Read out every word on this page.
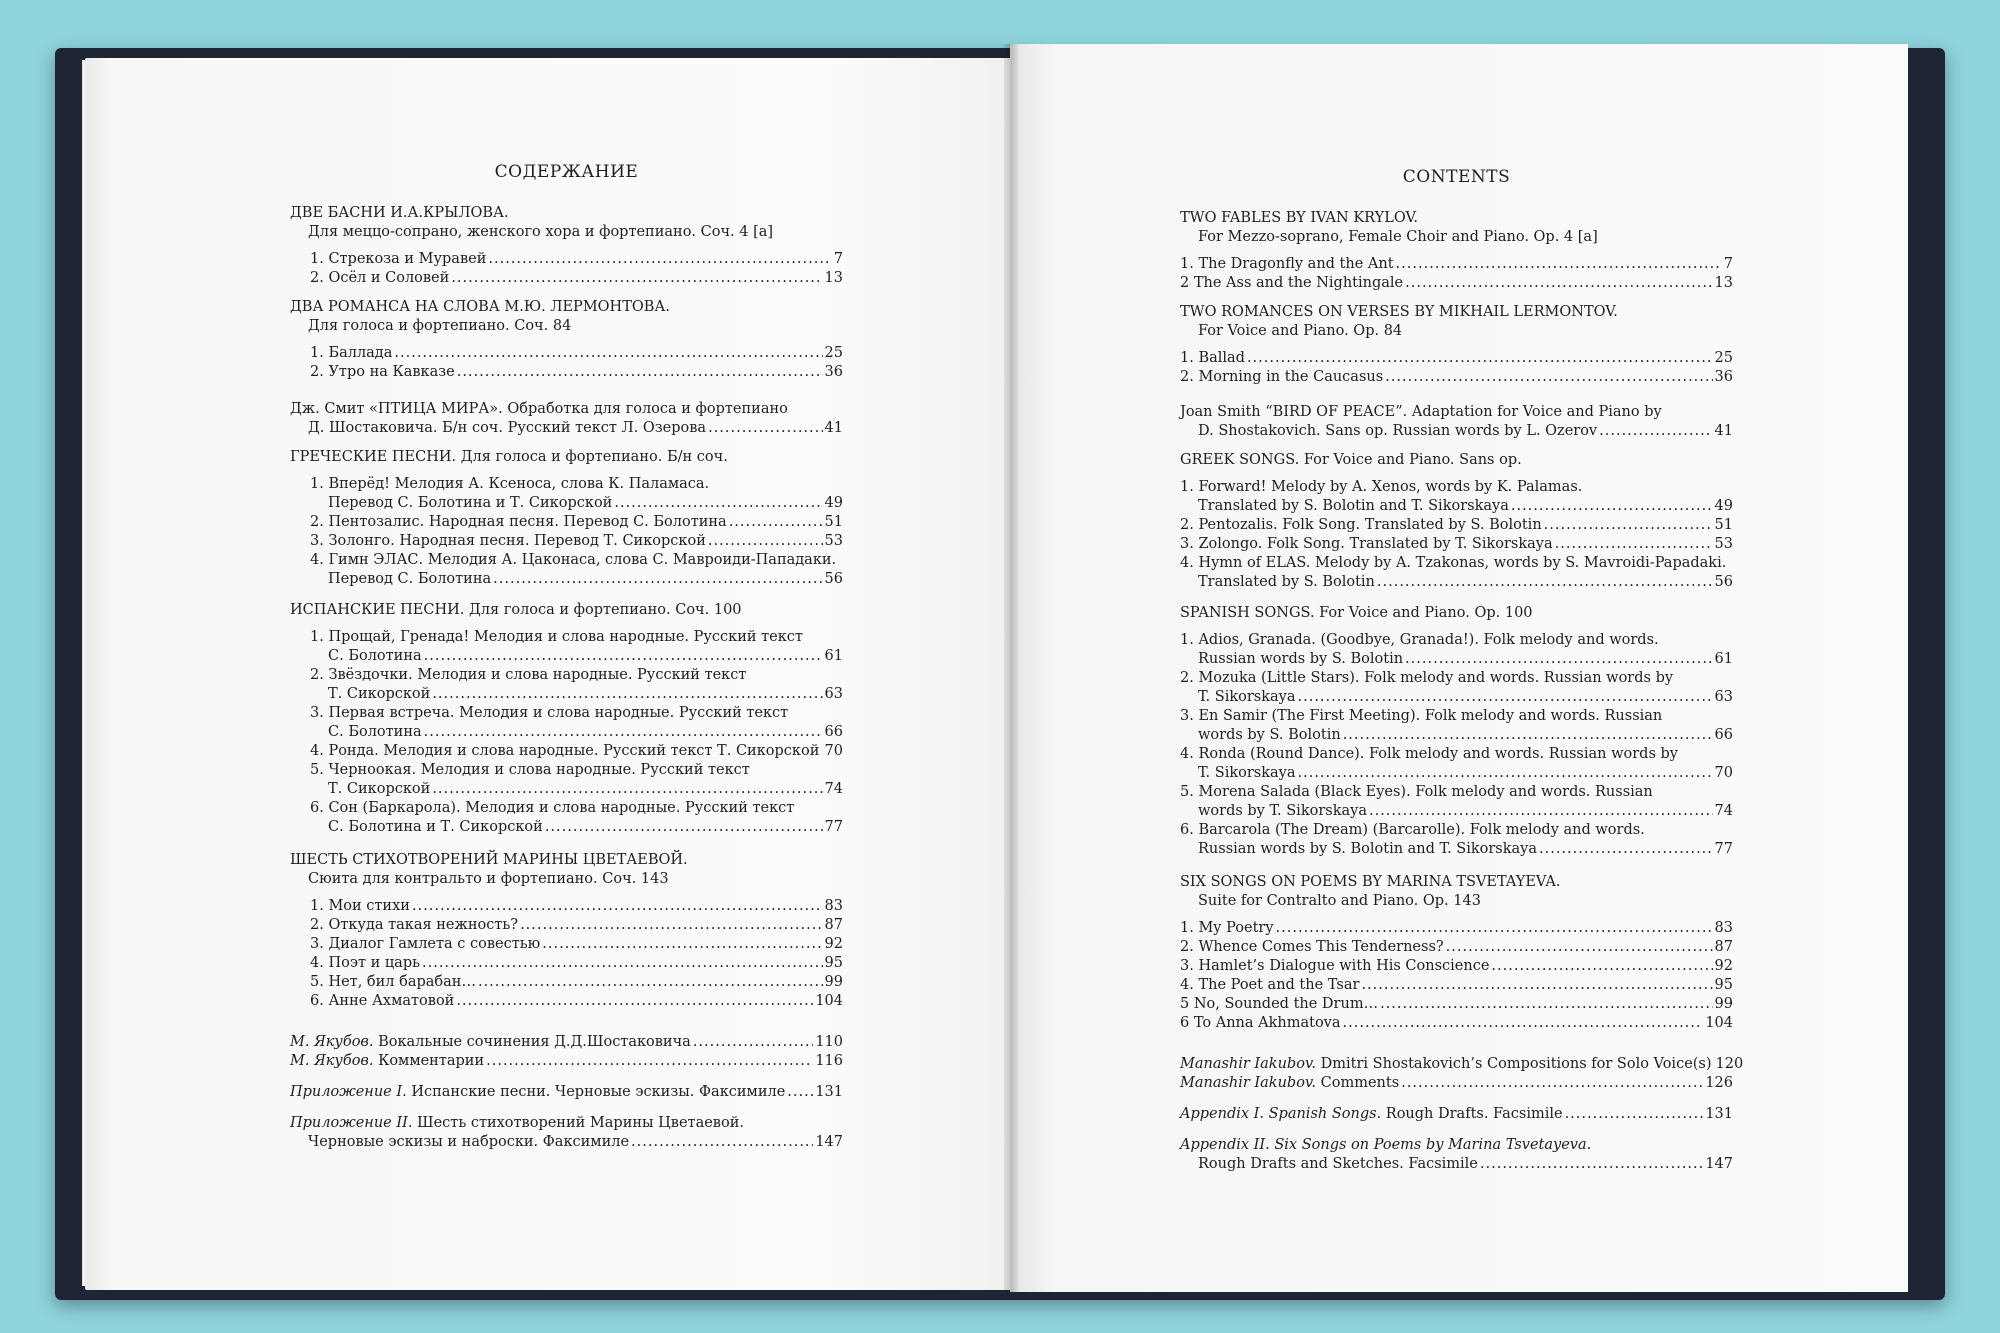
СОДЕРЖАНИЕ
ДВЕ БАСНИ И.А.КРЫЛОВА.
Для меццо-сопрано, женского хора и фортепиано. Соч. 4 [a]
1. Стрекоза и Муравей .....	7
2. Осёл и Соловей .....	13
ДВА РОМАНСА НА СЛОВА М.Ю. ЛЕРМОНТОВА.
Для голоса и фортепиано. Соч. 84
1. Баллада .....	25
2. Утро на Кавказе .....	36
Дж. Смит «ПТИЦА МИРА». Обработка для голоса и фортепиано
Д. Шостаковича. Б/н соч. Русский текст Л. Озерова .....	41
ГРЕЧЕСКИЕ ПЕСНИ. Для голоса и фортепиано. Б/н соч.
1. Вперёд! Мелодия А. Ксеноса, слова К. Паламаса.
Перевод С. Болотина и Т. Сикорской .....	49
2. Пентозалис. Народная песня. Перевод С. Болотина .....	51
3. Золонго. Народная песня. Перевод Т. Сикорской .....	53
4. Гимн ЭЛАС. Мелодия А. Цаконаса, слова С. Мавроиди-Пападаки.
Перевод С. Болотина .....	56
ИСПАНСКИЕ ПЕСНИ. Для голоса и фортепиано. Соч. 100
1. Прощай, Гренада! Мелодия и слова народные. Русский текст
С. Болотина .....	61
2. Звёздочки. Мелодия и слова народные. Русский текст
Т. Сикорской .....	63
3. Первая встреча. Мелодия и слова народные. Русский текст
С. Болотина .....	66
4. Ронда. Мелодия и слова народные. Русский текст Т. Сикорской ..... 70
5. Черноокая. Мелодия и слова народные. Русский текст
Т. Сикорской .....	74
6. Сон (Баркарола). Мелодия и слова народные. Русский текст
С. Болотина и Т. Сикорской .....	77
ШЕСТЬ СТИХОТВОРЕНИЙ МАРИНЫ ЦВЕТАЕВОЙ.
Сюита для контральто и фортепиано. Соч. 143
1. Мои стихи .....	83
2. Откуда такая нежность? .....	87
3. Диалог Гамлета с совестью .....	92
4. Поэт и царь .....	95
5. Нет, бил барабан… .....	99
6. Анне Ахматовой .....	104
М. Якубов. Вокальные сочинения Д.Д.Шостаковича .....	110
М. Якубов. Комментарии .....	116
Приложение I. Испанские песни. Черновые эскизы. Факсимиле ..... 131
Приложение II. Шесть стихотворений Марины Цветаевой.
Черновые эскизы и наброски. Факсимиле .....	147
CONTENTS
TWO FABLES BY IVAN KRYLOV.
For Mezzo-soprano, Female Choir and Piano. Op. 4 [a]
1. The Dragonfly and the Ant .....	7
2 The Ass and the Nightingale .....	13
TWO ROMANCES ON VERSES BY MIKHAIL LERMONTOV.
For Voice and Piano. Op. 84
1. Ballad .....	25
2. Morning in the Caucasus .....	36
Joan Smith “BIRD OF PEACE”. Adaptation for Voice and Piano by
D. Shostakovich. Sans op. Russian words by L. Ozerov .....	41
GREEK SONGS. For Voice and Piano. Sans op.
1. Forward! Melody by A. Xenos, words by K. Palamas.
Translated by S. Bolotin and T. Sikorskaya .....	49
2. Pentozalis. Folk Song. Translated by S. Bolotin .....	51
3. Zolongo. Folk Song. Translated by T. Sikorskaya .....	53
4. Hymn of ELAS. Melody by A. Tzakonas, words by S. Mavroidi-Papadaki.
Translated by S. Bolotin .....	56
SPANISH SONGS. For Voice and Piano. Op. 100
1. Adios, Granada. (Goodbye, Granada!). Folk melody and words.
Russian words by S. Bolotin .....	61
2. Mozuka (Little Stars). Folk melody and words. Russian words by
T. Sikorskaya .....	63
3. En Samir (The First Meeting). Folk melody and words. Russian
words by S. Bolotin .....	66
4. Ronda (Round Dance). Folk melody and words. Russian words by
T. Sikorskaya .....	70
5. Morena Salada (Black Eyes). Folk melody and words. Russian
words by T. Sikorskaya .....	74
6. Barcarola (The Dream) (Barcarolle). Folk melody and words.
Russian words by S. Bolotin and T. Sikorskaya .....	77
SIX SONGS ON POEMS BY MARINA TSVETAYEVA.
Suite for Contralto and Piano. Op. 143
1. My Poetry .....	83
2. Whence Comes This Tenderness? .....	87
3. Hamlet’s Dialogue with His Conscience .....	92
4. The Poet and the Tsar .....	95
5 No, Sounded the Drum… .....	99
6 To Anna Akhmatova .....	104
Manashir Iakubov. Dmitri Shostakovich’s Compositions for Solo Voice(s) 120
Manashir Iakubov. Comments .....	126
Appendix I. Spanish Songs. Rough Drafts. Facsimile .....	131
Appendix II. Six Songs on Poems by Marina Tsvetayeva.
Rough Drafts and Sketches. Facsimile .....	147
